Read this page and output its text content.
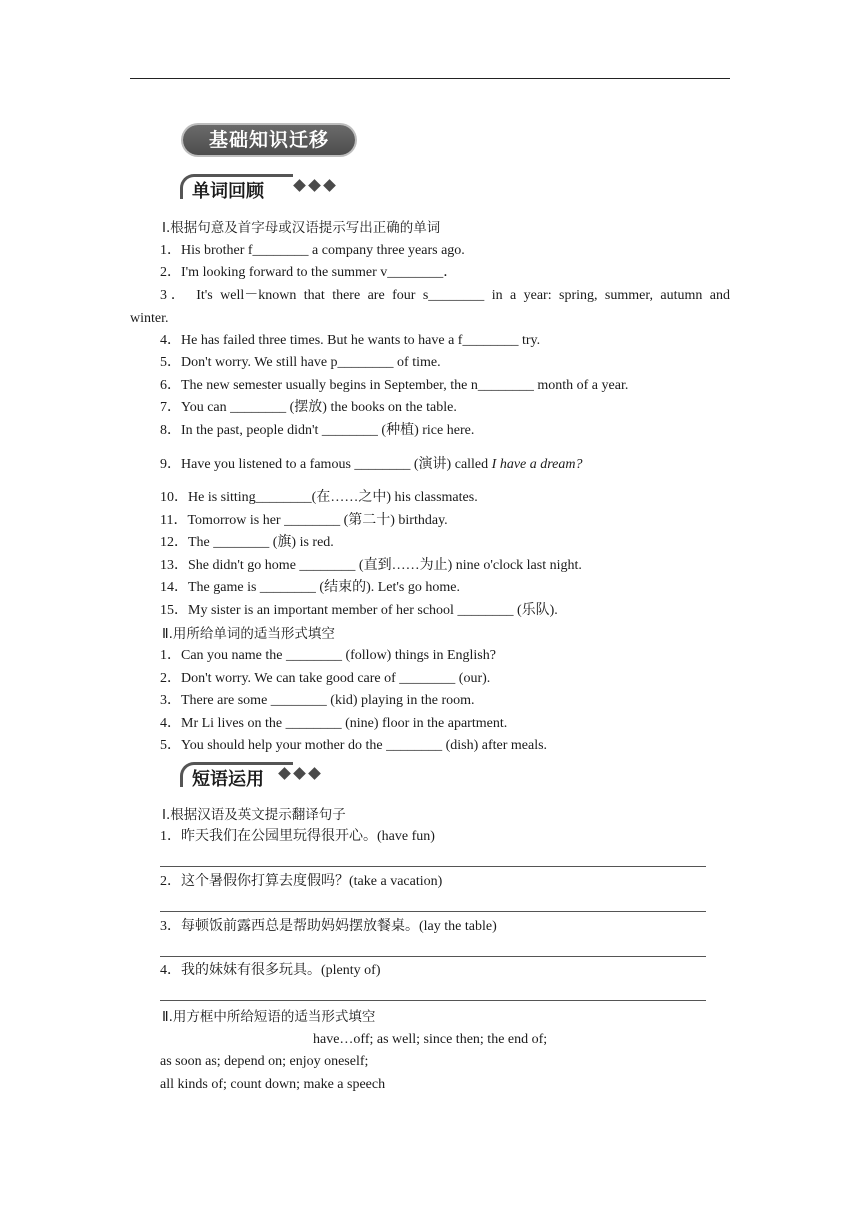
基础知识迁移
单词回顾
Ⅰ.根据句意及首字母或汉语提示写出正确的单词
1．His brother f________ a company three years ago.
2．I'm looking forward to the summer v________．
3． It's well－known that there are four s________ in a year: spring, summer, autumn and
winter.
4．He has failed three times. But he wants to have a f________ try.
5．Don't worry. We still have p________ of time.
6．The new semester usually begins in September, the n________ month of a year.
7．You can ________ (摆放) the books on the table.
8．In the past, people didn't ________ (种植) rice here.
9．Have you listened to a famous ________ (演讲) called I have a dream?
10．He is sitting________(在……之中) his classmates.
11．Tomorrow is her ________ (第二十) birthday.
12．The ________ (旗) is red.
13．She didn't go home ________ (直到……为止) nine o'clock last night.
14．The game is ________ (结束的). Let's go home.
15．My sister is an important member of her school ________ (乐队).
Ⅱ.用所给单词的适当形式填空
1．Can you name the ________ (follow) things in English?
2．Don't worry. We can take good care of ________ (our).
3．There are some ________ (kid) playing in the room.
4．Mr Li lives on the ________ (nine) floor in the apartment.
5．You should help your mother do the ________ (dish) after meals.
短语运用
Ⅰ.根据汉语及英文提示翻译句子
1．昨天我们在公园里玩得很开心。(have fun)
2．这个暑假你打算去度假吗？(take a vacation)
3．每顿饭前露西总是帮助妈妈摆放餐桌。(lay the table)
4．我的妹妹有很多玩具。(plenty of)
Ⅱ.用方框中所给短语的适当形式填空
have…off; as well; since then; the end of;
as soon as; depend on; enjoy oneself;
all kinds of; count down; make a speech
